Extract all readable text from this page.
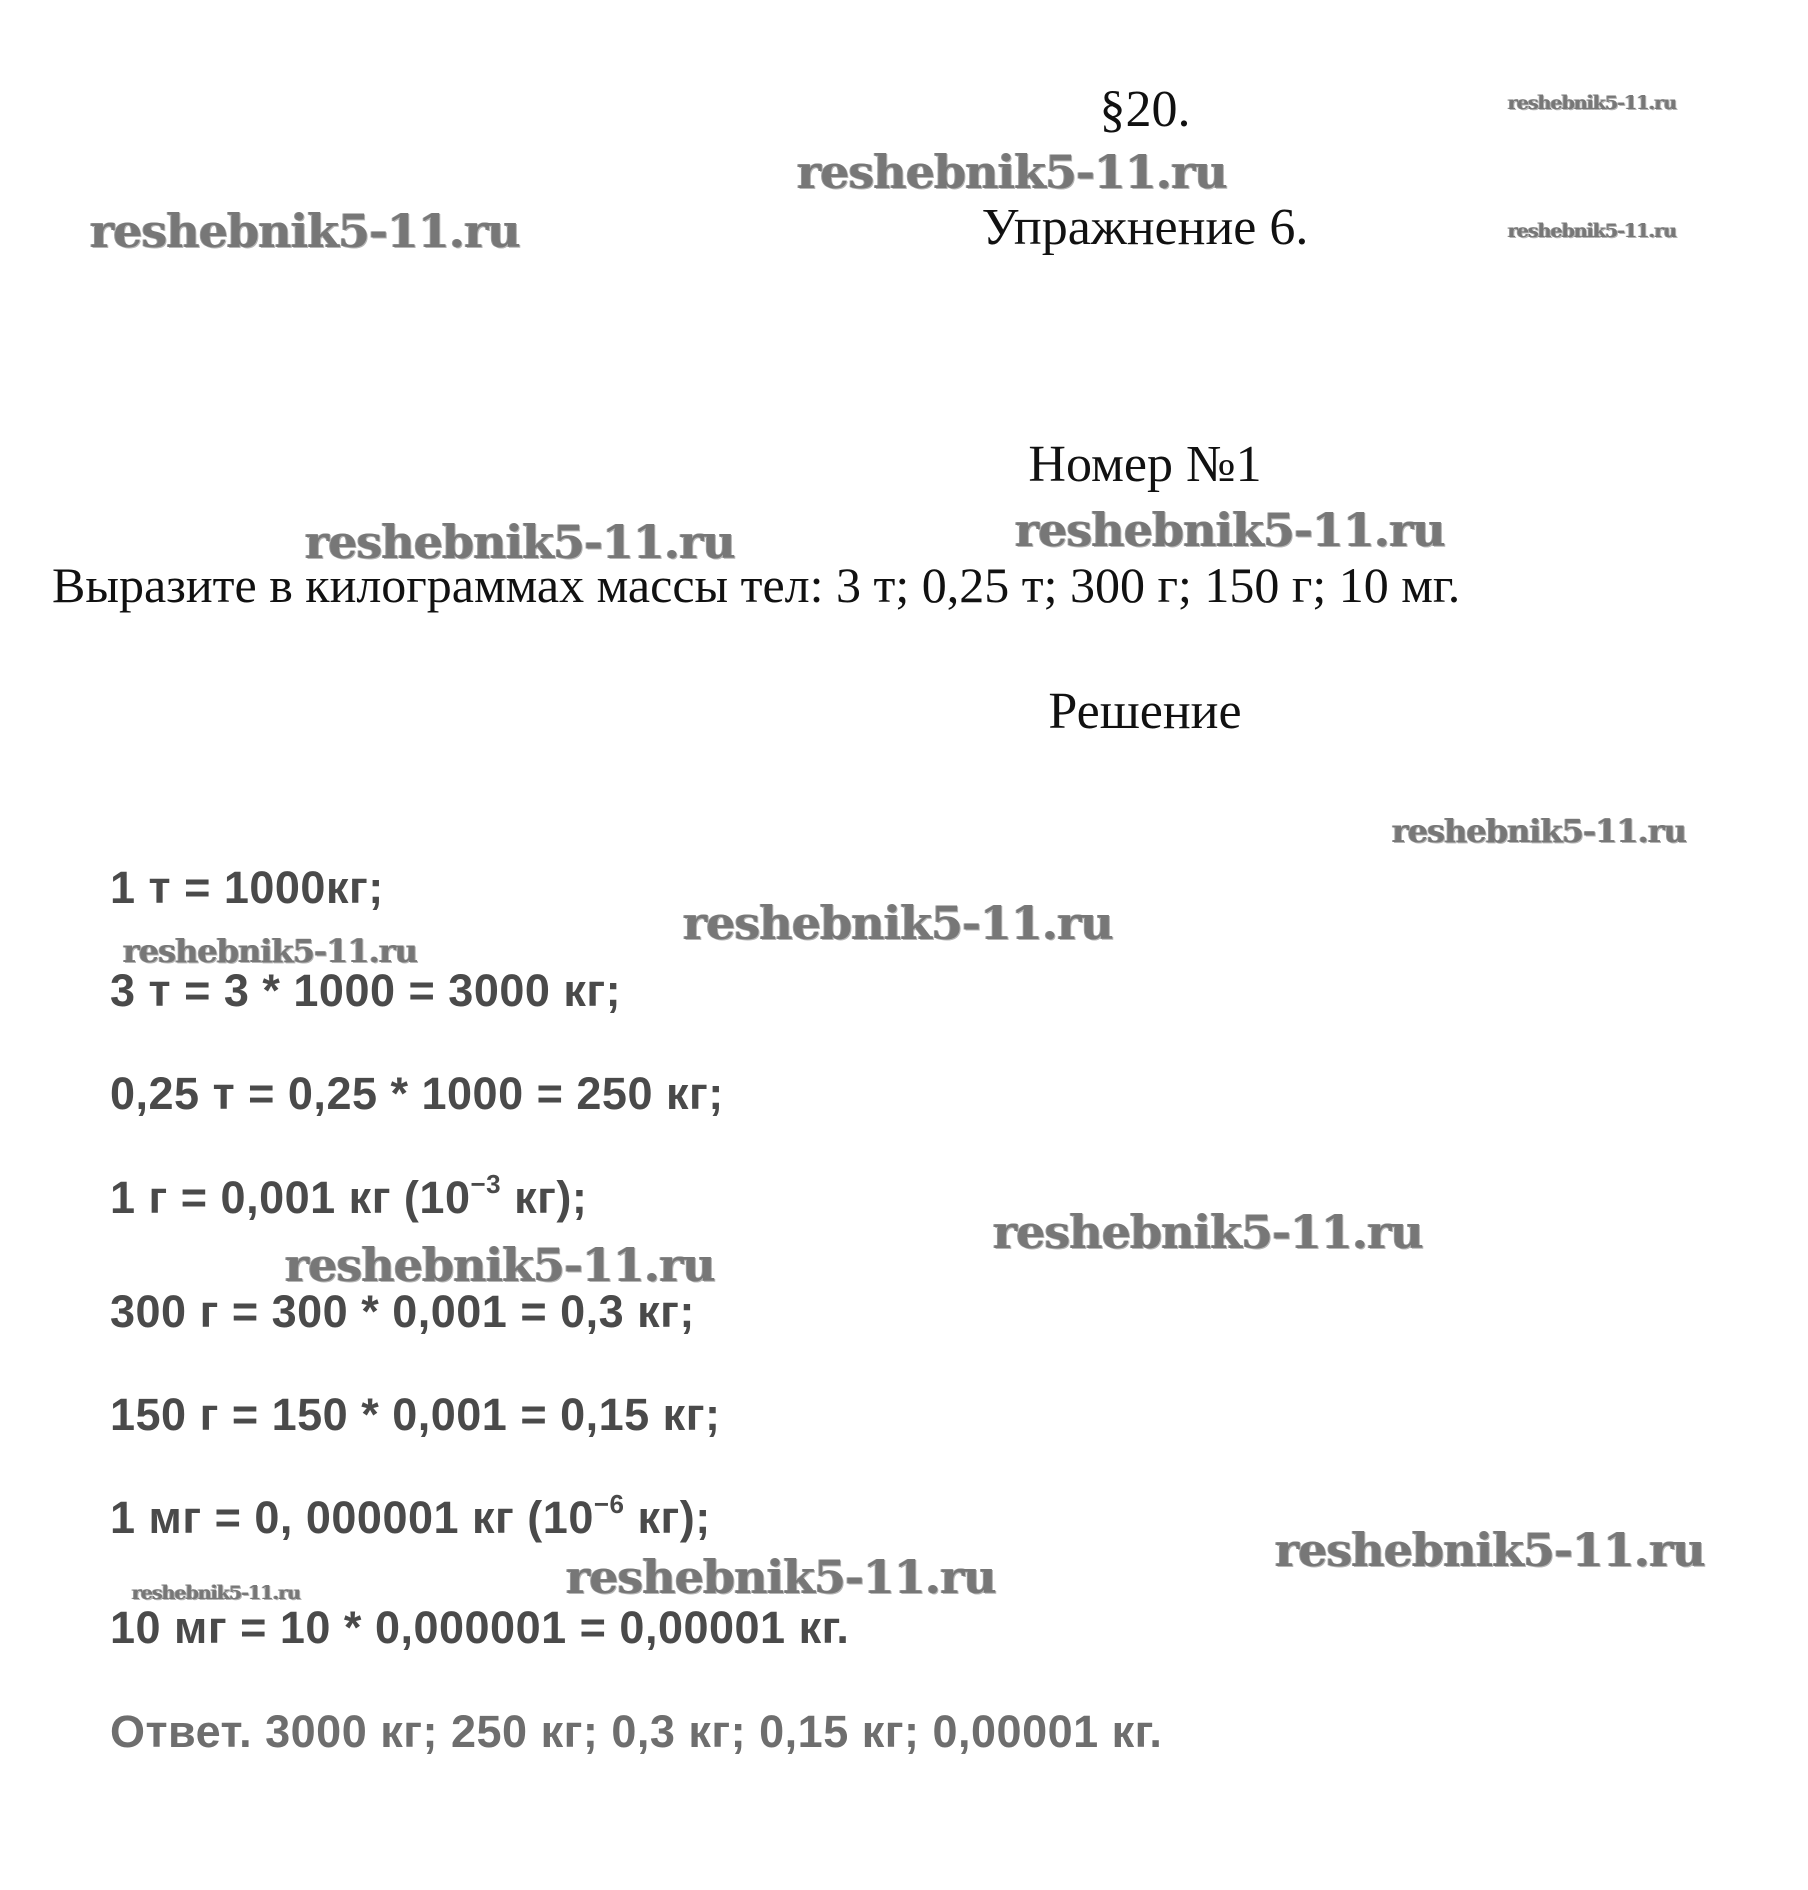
§20.
Упражнение 6.
Номер №1
Выразите в килограммах массы тел: 3 т; 0,25 т; 300 г; 150 г; 10 мг.
Решение
1 т = 1000кг;
3 т = 3 * 1000 = 3000 кг;
0,25 т = 0,25 * 1000 = 250 кг;
1 г = 0,001 кг ($10^{-3}$ кг);
300 г = 300 * 0,001 = 0,3 кг;
150 г = 150 * 0,001 = 0,15 кг;
1 мг = 0, 000001 кг ($10^{-6}$ кг);
10 мг = 10 * 0,000001 = 0,00001 кг.
Ответ. 3000 кг; 250 кг; 0,3 кг; 0,15 кг; 0,00001 кг.
reshebnik5-11.ru
reshebnik5-11.ru
reshebnik5-11.ru	reshebnik5-11.ru
reshebnik5-11.ru	reshebnik5-11.ru
reshebnik5-11.ru
reshebnik5-11.ru
reshebnik5-11.ru
reshebnik5-11.ru
reshebnik5-11.ru
reshebnik5-11.ru
reshebnik5-11.ru	reshebnik5-11.ru
